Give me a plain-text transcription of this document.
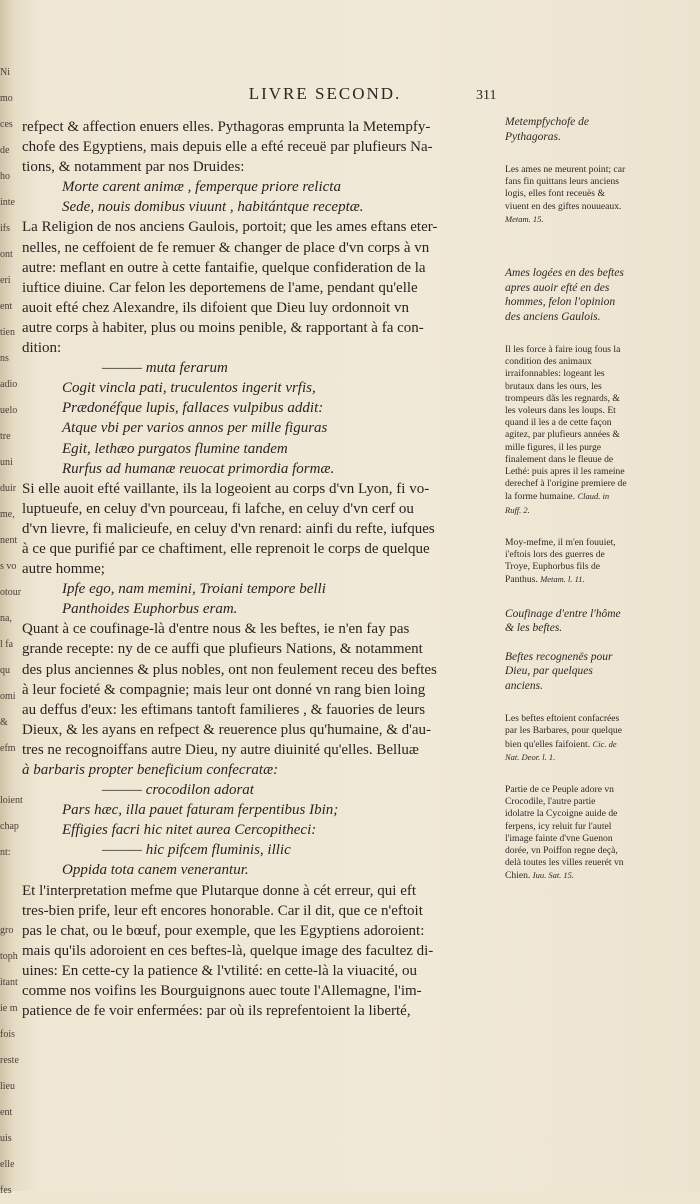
Ni
mo
ces
de
ho
inte
ifs
ont
eri
ent
tien
ns
adio
uelo
tre
uni
duir
me,
nent
s vo
otour
na,
l fa
qu
omi
&
efm

loient
chap
nt:

gro
toph
itant
ie m
fois
reste
lieu
ent
uis
elle
fes
LIVRE SECOND.	311

refpect & affection enuers elles. Pythagoras emprunta la Metempfy-

chofe des Egyptiens, mais depuis elle a efté receuë par plufieurs Na-

tions, & notamment par nos Druides:

Morte carent animæ , femperque priore relicta

Sede, nouis domibus viuunt , habitántque receptæ.

La Religion de nos anciens Gaulois, portoit; que les ames eftans eter-

nelles, ne ceffoient de fe remuer & changer de place d'vn corps à vn

autre: meflant en outre à cette fantaifie, quelque confideration de la

iuftice diuine. Car felon les deportemens de l'ame, pendant qu'elle

auoit efté chez Alexandre, ils difoient que Dieu luy ordonnoit vn

autre corps à habiter, plus ou moins penible, & rapportant à fa con-

dition:

——— muta ferarum

Cogit vincla pati, truculentos ingerit vrfis,

Prædonéfque lupis, fallaces vulpibus addit:

Atque vbi per varios annos per mille figuras

Egit, lethæo purgatos flumine tandem

Rurfus ad humanæ reuocat primordia formæ.

Si elle auoit efté vaillante, ils la logeoient au corps d'vn Lyon, fi vo-

luptueufe, en celuy d'vn pourceau, fi lafche, en celuy d'vn cerf ou

d'vn lievre, fi malicieufe, en celuy d'vn renard: ainfi du refte, iufques

à ce que purifié par ce chaftiment, elle reprenoit le corps de quelque

autre homme;

Ipfe ego, nam memini, Troiani tempore belli

Panthoides Euphorbus eram.

Quant à ce coufinage-là d'entre nous & les beftes, ie n'en fay pas

grande recepte: ny de ce auffi que plufieurs Nations, & notamment

des plus anciennes & plus nobles, ont non feulement receu des beftes

à leur focieté & compagnie; mais leur ont donné vn rang bien loing

au deffus d'eux: les eftimans tantoft familieres , & fauories de leurs

Dieux, & les ayans en refpect & reuerence plus qu'humaine, & d'au-

tres ne recognoiffans autre Dieu, ny autre diuinité qu'elles. Belluæ

à barbaris propter beneficium confecratæ:

——— crocodilon adorat

Pars hæc, illa pauet faturam ferpentibus Ibin;

Effigies facri hic nitet aurea Cercopitheci:

——— hic pifcem fluminis, illic

Oppida tota canem venerantur.

Et l'interpretation mefme que Plutarque donne à cét erreur, qui eft

tres-bien prife, leur eft encores honorable. Car il dit, que ce n'eftoit

pas le chat, ou le bœuf, pour exemple, que les Egyptiens adoroient:

mais qu'ils adoroient en ces beftes-là, quelque image des facultez di-

uines: En cette-cy la patience & l'vtilité: en cette-là la viuacité, ou

comme nos voifins les Bourguignons auec toute l'Allemagne, l'im-

patience de fe voir enfermées: par où ils reprefentoient la liberté,

Metempfychofe de Pythagoras.
Les ames ne meurent point; car fans fin quittans leurs anciens logis, elles font receuës & viuent en des giftes nouueaux. Metam. 15.
Ames logées en des beftes apres auoir efté en des hommes, felon l'opinion des anciens Gaulois.
Il les force à faire ioug fous la condition des animaux irraifonnables: logeant les brutaux dans les ours, les trompeurs dãs les regnards, & les voleurs dans les loups. Et quand il les a de cette façon agitez, par plufieurs années & mille figures, il les purge finalement dans le fleuue de Lethé: puis apres il les rameine derechef à l'origine premiere de la forme humaine. Claud. in Ruff. 2.
Moy-mefme, il m'en fouuiet, i'eftois lors des guerres de Troye, Euphorbus fils de Panthus. Metam. l. 11.
Coufinage d'entre l'hôme & les beftes.
Beftes recognenës pour Dieu, par quelques anciens.
Les beftes eftoient confacrées par les Barbares, pour quelque bien qu'elles faifoient. Cic. de Nat. Deor. l. 1.
Partie de ce Peuple adore vn Crocodile, l'autre partie idolatre la Cycoigne auide de ferpens, icy reluit fur l'autel l'image fainte d'vne Guenon dorée, vn Poiffon regne deçà, delà toutes les villes reuerét vn Chien. Iuu. Sat. 15.
